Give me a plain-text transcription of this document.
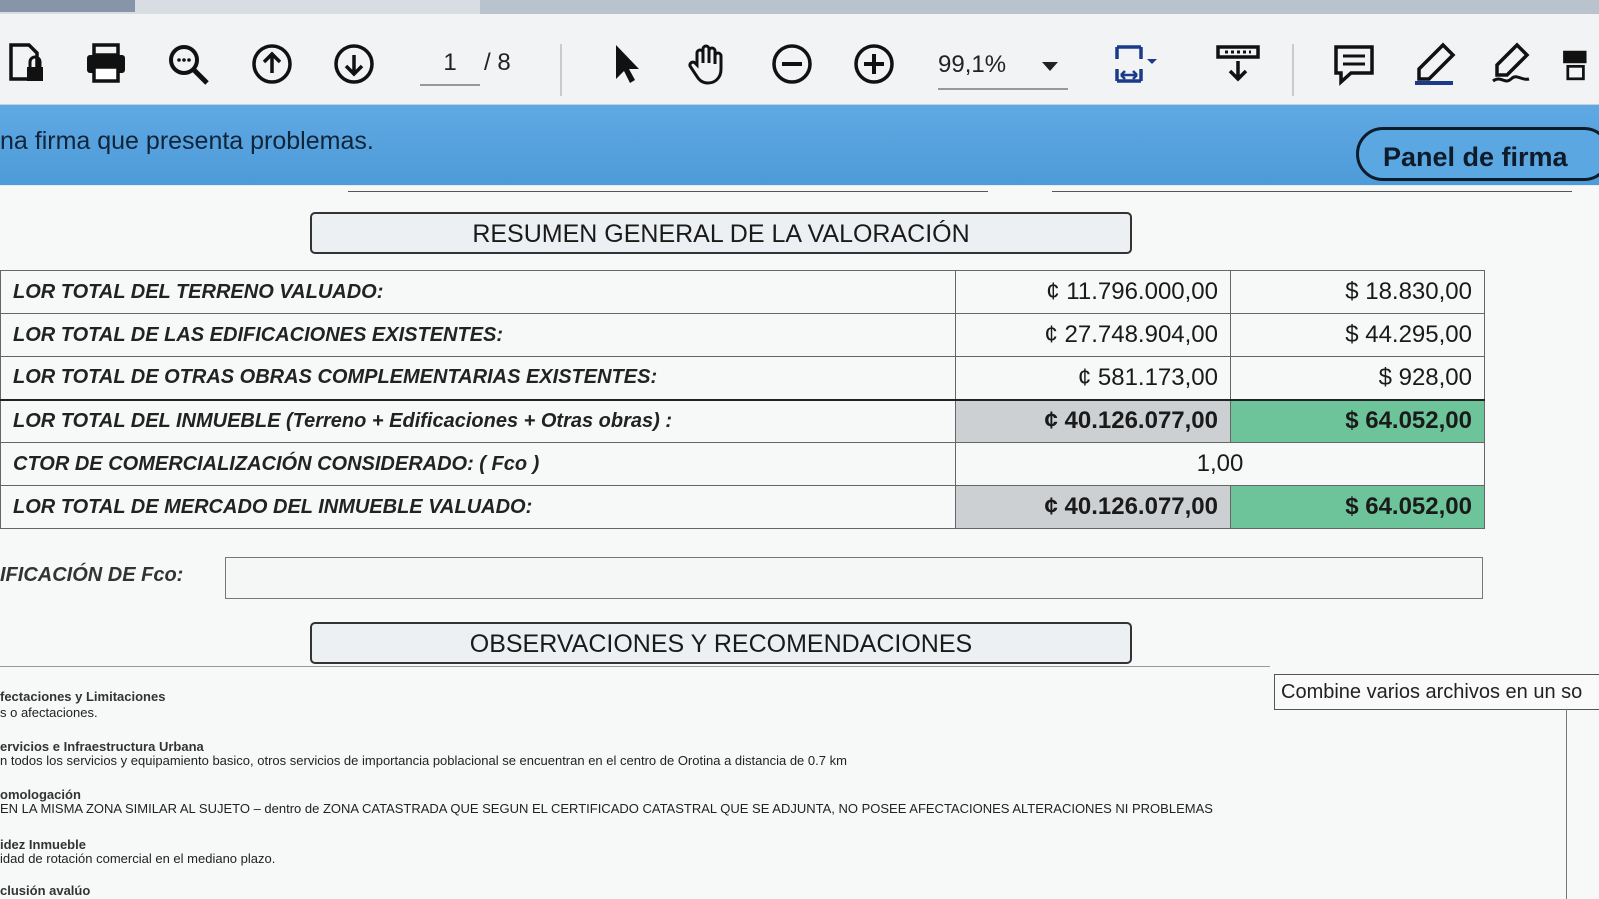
1	/ 8	99,1%
na firma que presenta problemas.
Panel de firma
RESUMEN GENERAL DE LA VALORACIÓN
LOR TOTAL DEL TERRENO VALUADO:	¢ 11.796.000,00	$ 18.830,00
LOR TOTAL DE LAS EDIFICACIONES EXISTENTES:	¢ 27.748.904,00	$ 44.295,00
LOR TOTAL DE OTRAS OBRAS COMPLEMENTARIAS EXISTENTES:	¢ 581.173,00	$ 928,00
LOR TOTAL DEL INMUEBLE (Terreno + Edificaciones + Otras obras) :	¢ 40.126.077,00	$ 64.052,00
CTOR DE COMERCIALIZACIÓN CONSIDERADO: ( Fco )	1,00	
LOR TOTAL DE MERCADO DEL INMUEBLE VALUADO:	¢ 40.126.077,00	$ 64.052,00
IFICACIÓN DE Fco:
OBSERVACIONES Y RECOMENDACIONES
fectaciones y Limitaciones
s o afectaciones.
ervicios e Infraestructura Urbana
n todos los servicios y equipamiento basico, otros servicios de importancia poblacional se encuentran en el centro de Orotina a distancia de 0.7 km
omologación
EN LA MISMA ZONA SIMILAR AL SUJETO – dentro de ZONA CATASTRADA QUE SEGUN EL CERTIFICADO CATASTRAL QUE SE ADJUNTA, NO POSEE AFECTACIONES ALTERACIONES NI PROBLEMAS
idez Inmueble
idad de rotación comercial en el mediano plazo.
clusión avalúo
Combine varios archivos en un so
